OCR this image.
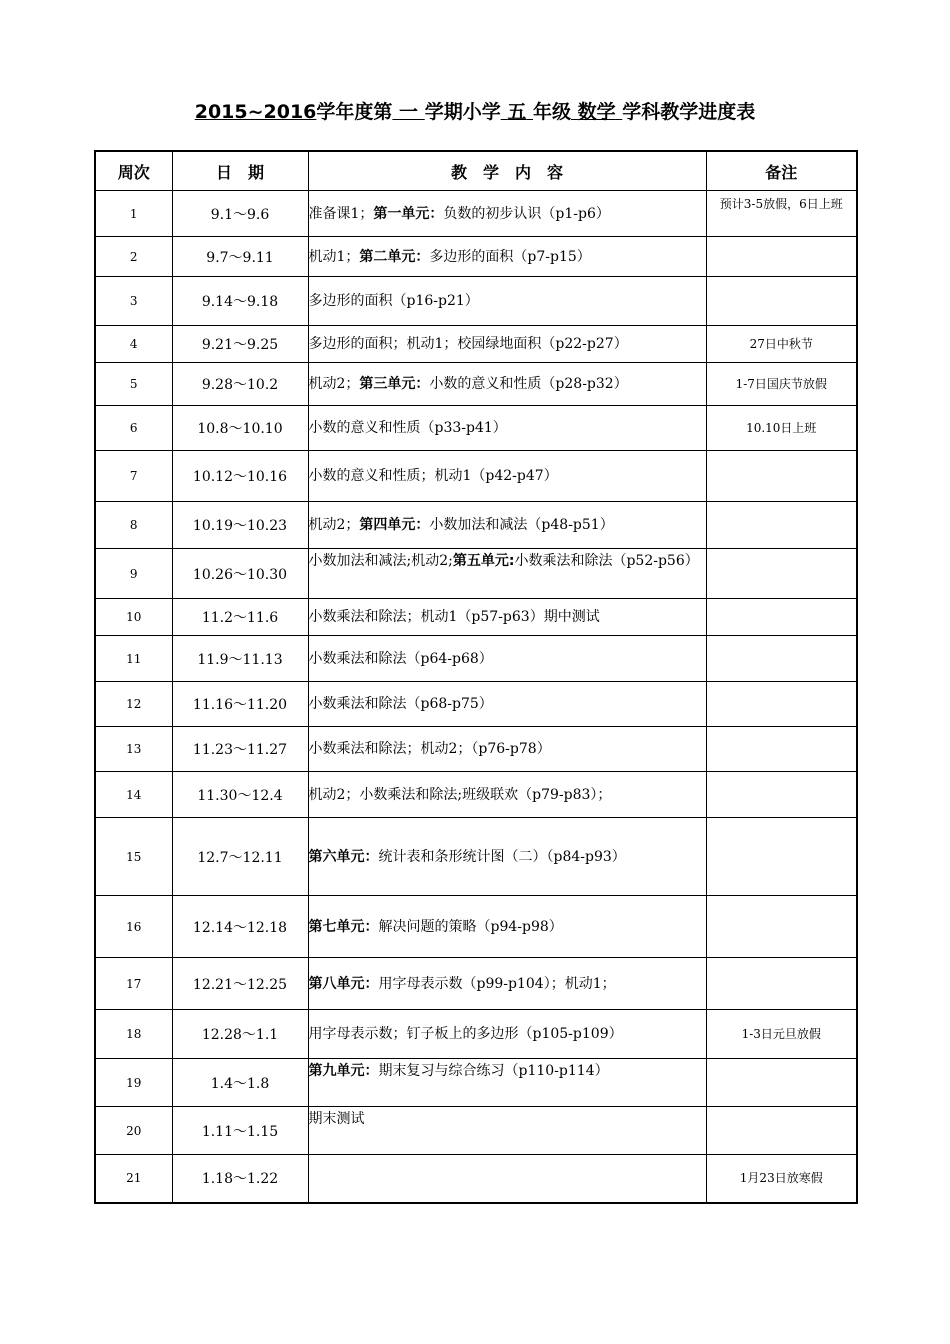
2015~2016学年度第 一 学期小学 五 年级 数学 学科教学进度表
周次	日　期	教　学　内　容	备注
1	9.1～9.6	准备课1；第一单元：负数的初步认识（p1-p6）	预计3-5放假，6日上班
2	9.7～9.11	机动1；第二单元：多边形的面积（p7-p15）	
3	9.14～9.18	多边形的面积（p16-p21）	
4	9.21～9.25	多边形的面积；机动1；校园绿地面积（p22-p27）	27日中秋节
5	9.28～10.2	机动2；第三单元：小数的意义和性质（p28-p32）	1-7日国庆节放假
6	10.8～10.10	小数的意义和性质（p33-p41）	10.10日上班
7	10.12～10.16	小数的意义和性质；机动1（p42-p47）	
8	10.19～10.23	机动2；第四单元：小数加法和减法（p48-p51）	
9	10.26～10.30	小数加法和减法;机动2;第五单元:小数乘法和除法（p52-p56）	
10	11.2～11.6	小数乘法和除法；机动1（p57-p63）期中测试	
11	11.9～11.13	小数乘法和除法（p64-p68）	
12	11.16～11.20	小数乘法和除法（p68-p75）	
13	11.23～11.27	小数乘法和除法；机动2；（p76-p78）	
14	11.30～12.4	机动2；小数乘法和除法;班级联欢（p79-p83）；	
15	12.7～12.11	第六单元：统计表和条形统计图（二）（p84-p93）	
16	12.14～12.18	第七单元：解决问题的策略（p94-p98）	
17	12.21～12.25	第八单元：用字母表示数（p99-p104）；机动1；	
18	12.28～1.1	用字母表示数；钉子板上的多边形（p105-p109）	1-3日元旦放假
19	1.4～1.8	第九单元：期末复习与综合练习（p110-p114）	
20	1.11～1.15	期末测试	
21	1.18～1.22		1月23日放寒假
